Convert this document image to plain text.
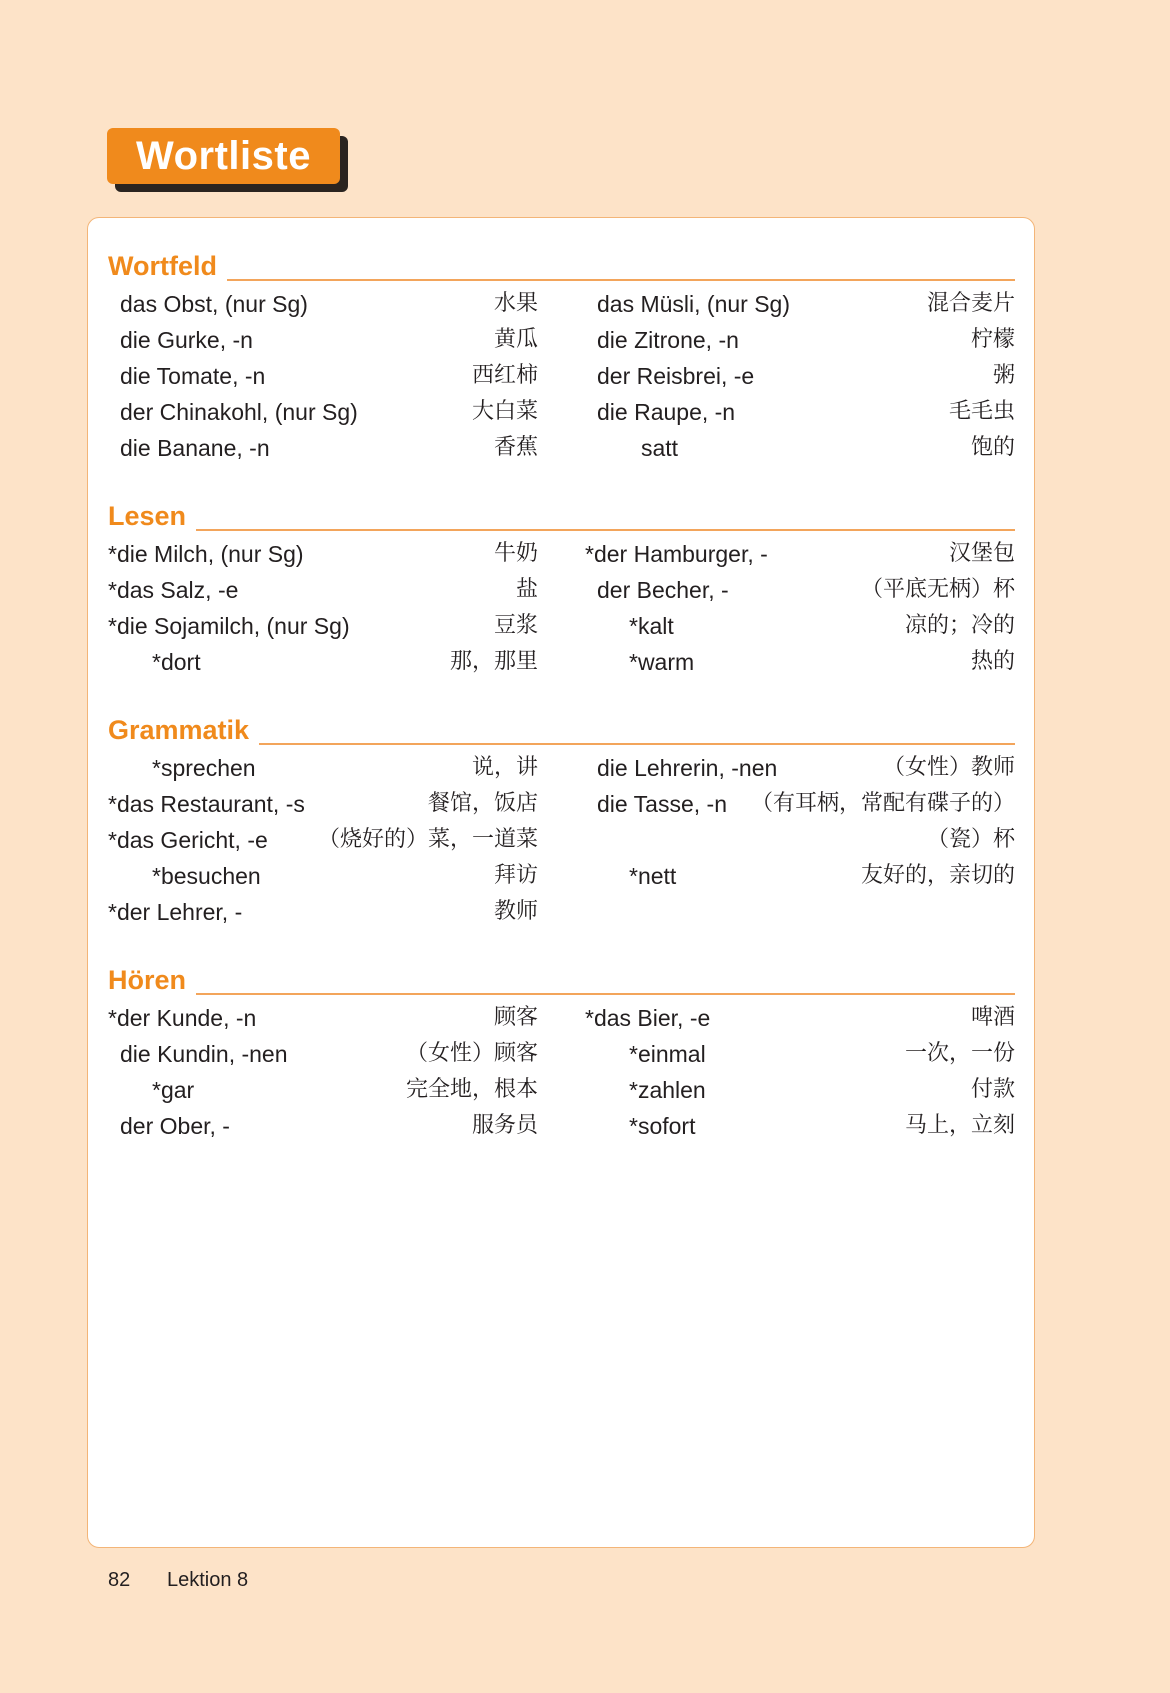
Wortliste
Wortfeld
das Obst, (nur Sg)	水果
die Gurke, -n	黄瓜
die Tomate, -n	西红柿
der Chinakohl, (nur Sg)	大白菜
die Banane, -n	香蕉
das Müsli, (nur Sg)	混合麦片
die Zitrone, -n	柠檬
der Reisbrei, -e	粥
die Raupe, -n	毛毛虫
satt	饱的
Lesen
*die Milch, (nur Sg)	牛奶
*das Salz, -e	盐
*die Sojamilch, (nur Sg)	豆浆
*dort	那，那里
*der Hamburger, -	汉堡包
der Becher, -	（平底无柄）杯
*kalt	凉的；冷的
*warm	热的
Grammatik
*sprechen	说，讲
*das Restaurant, -s	餐馆，饭店
*das Gericht, -e （烧好的）菜，一道菜
*besuchen	拜访
*der Lehrer, -	教师
die Lehrerin, -nen	（女性）教师
die Tasse, -n （有耳柄，常配有碟子的）
（瓷）杯
*nett	友好的，亲切的
Hören
*der Kunde, -n	顾客
die Kundin, -nen	（女性）顾客
*gar	完全地，根本
der Ober, -	服务员
*das Bier, -e	啤酒
*einmal	一次，一份
*zahlen	付款
*sofort	马上，立刻
82 Lektion 8
